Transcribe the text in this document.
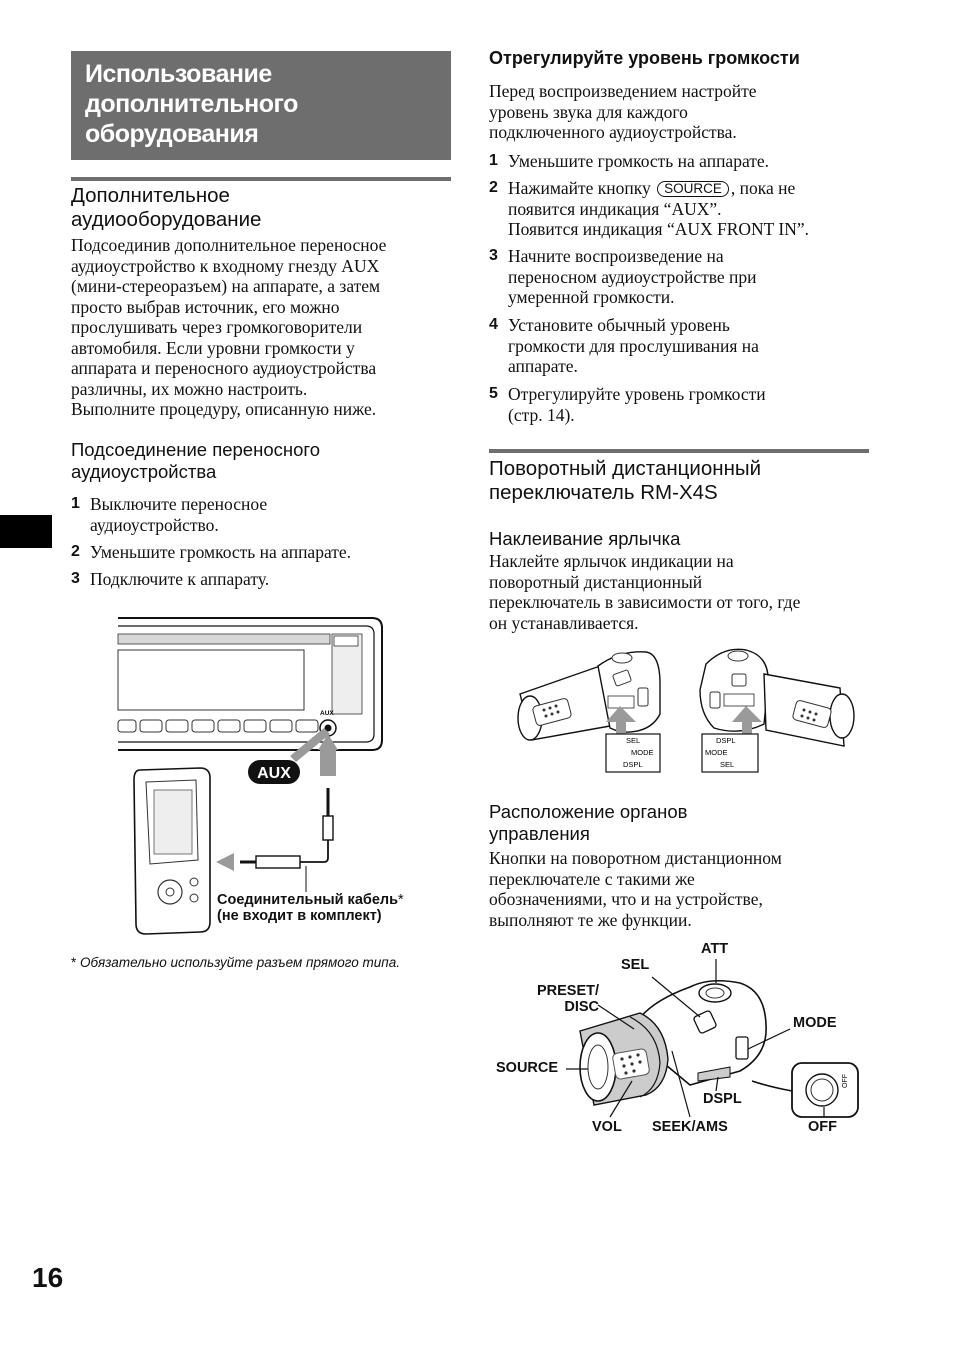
Использование
дополнительного
оборудования
Дополнительное
аудиооборудование
Подсоединив дополнительное переносное
аудиоустройство к входному гнезду AUX
(мини-стереоразъем) на аппарате, а затем
просто выбрав источник, его можно
прослушивать через громкоговорители
автомобиля. Если уровни громкости у
аппарата и переносного аудиоустройства
различны, их можно настроить.
Выполните процедуру, описанную ниже.
Подсоединение переносного
аудиоустройства
1 Выключите переносное
аудиоустройство.
2 Уменьшите громкость на аппарате.
3 Подключите к аппарату.
AUX
AUX
Соединительный кабель*
(не входит в комплект)
* Обязательно используйте разъем прямого типа.
Отрегулируйте уровень громкости
Перед воспроизведением настройте
уровень звука для каждого
подключенного аудиоустройства.
1 Уменьшите громкость на аппарате.
2 Нажимайте кнопку SOURCE , пока не
появится индикация “AUX”.
Появится индикация “AUX FRONT IN”.
3 Начните воспроизведение на
переносном аудиоустройстве при
умеренной громкости.
4 Установите обычный уровень
громкости для прослушивания на
аппарате.
5 Отрегулируйте уровень громкости
(стр. 14).
Поворотный дистанционный
переключатель RM-X4S
Наклеивание ярлычка
Наклейте ярлычок индикации на
поворотный дистанционный
переключатель в зависимости от того, где
он устанавливается.
SEL
MODE
DSPL
DSPL
MODE
SEL
Расположение органов
управления
Кнопки на поворотном дистанционном
переключателе с такими же
обозначениями, что и на устройстве,
выполняют те же функции.
OFF
ATT
SEL
PRESET/
DISC
MODE
SOURCE
DSPL
VOL SEEK/AMS	OFF
16
